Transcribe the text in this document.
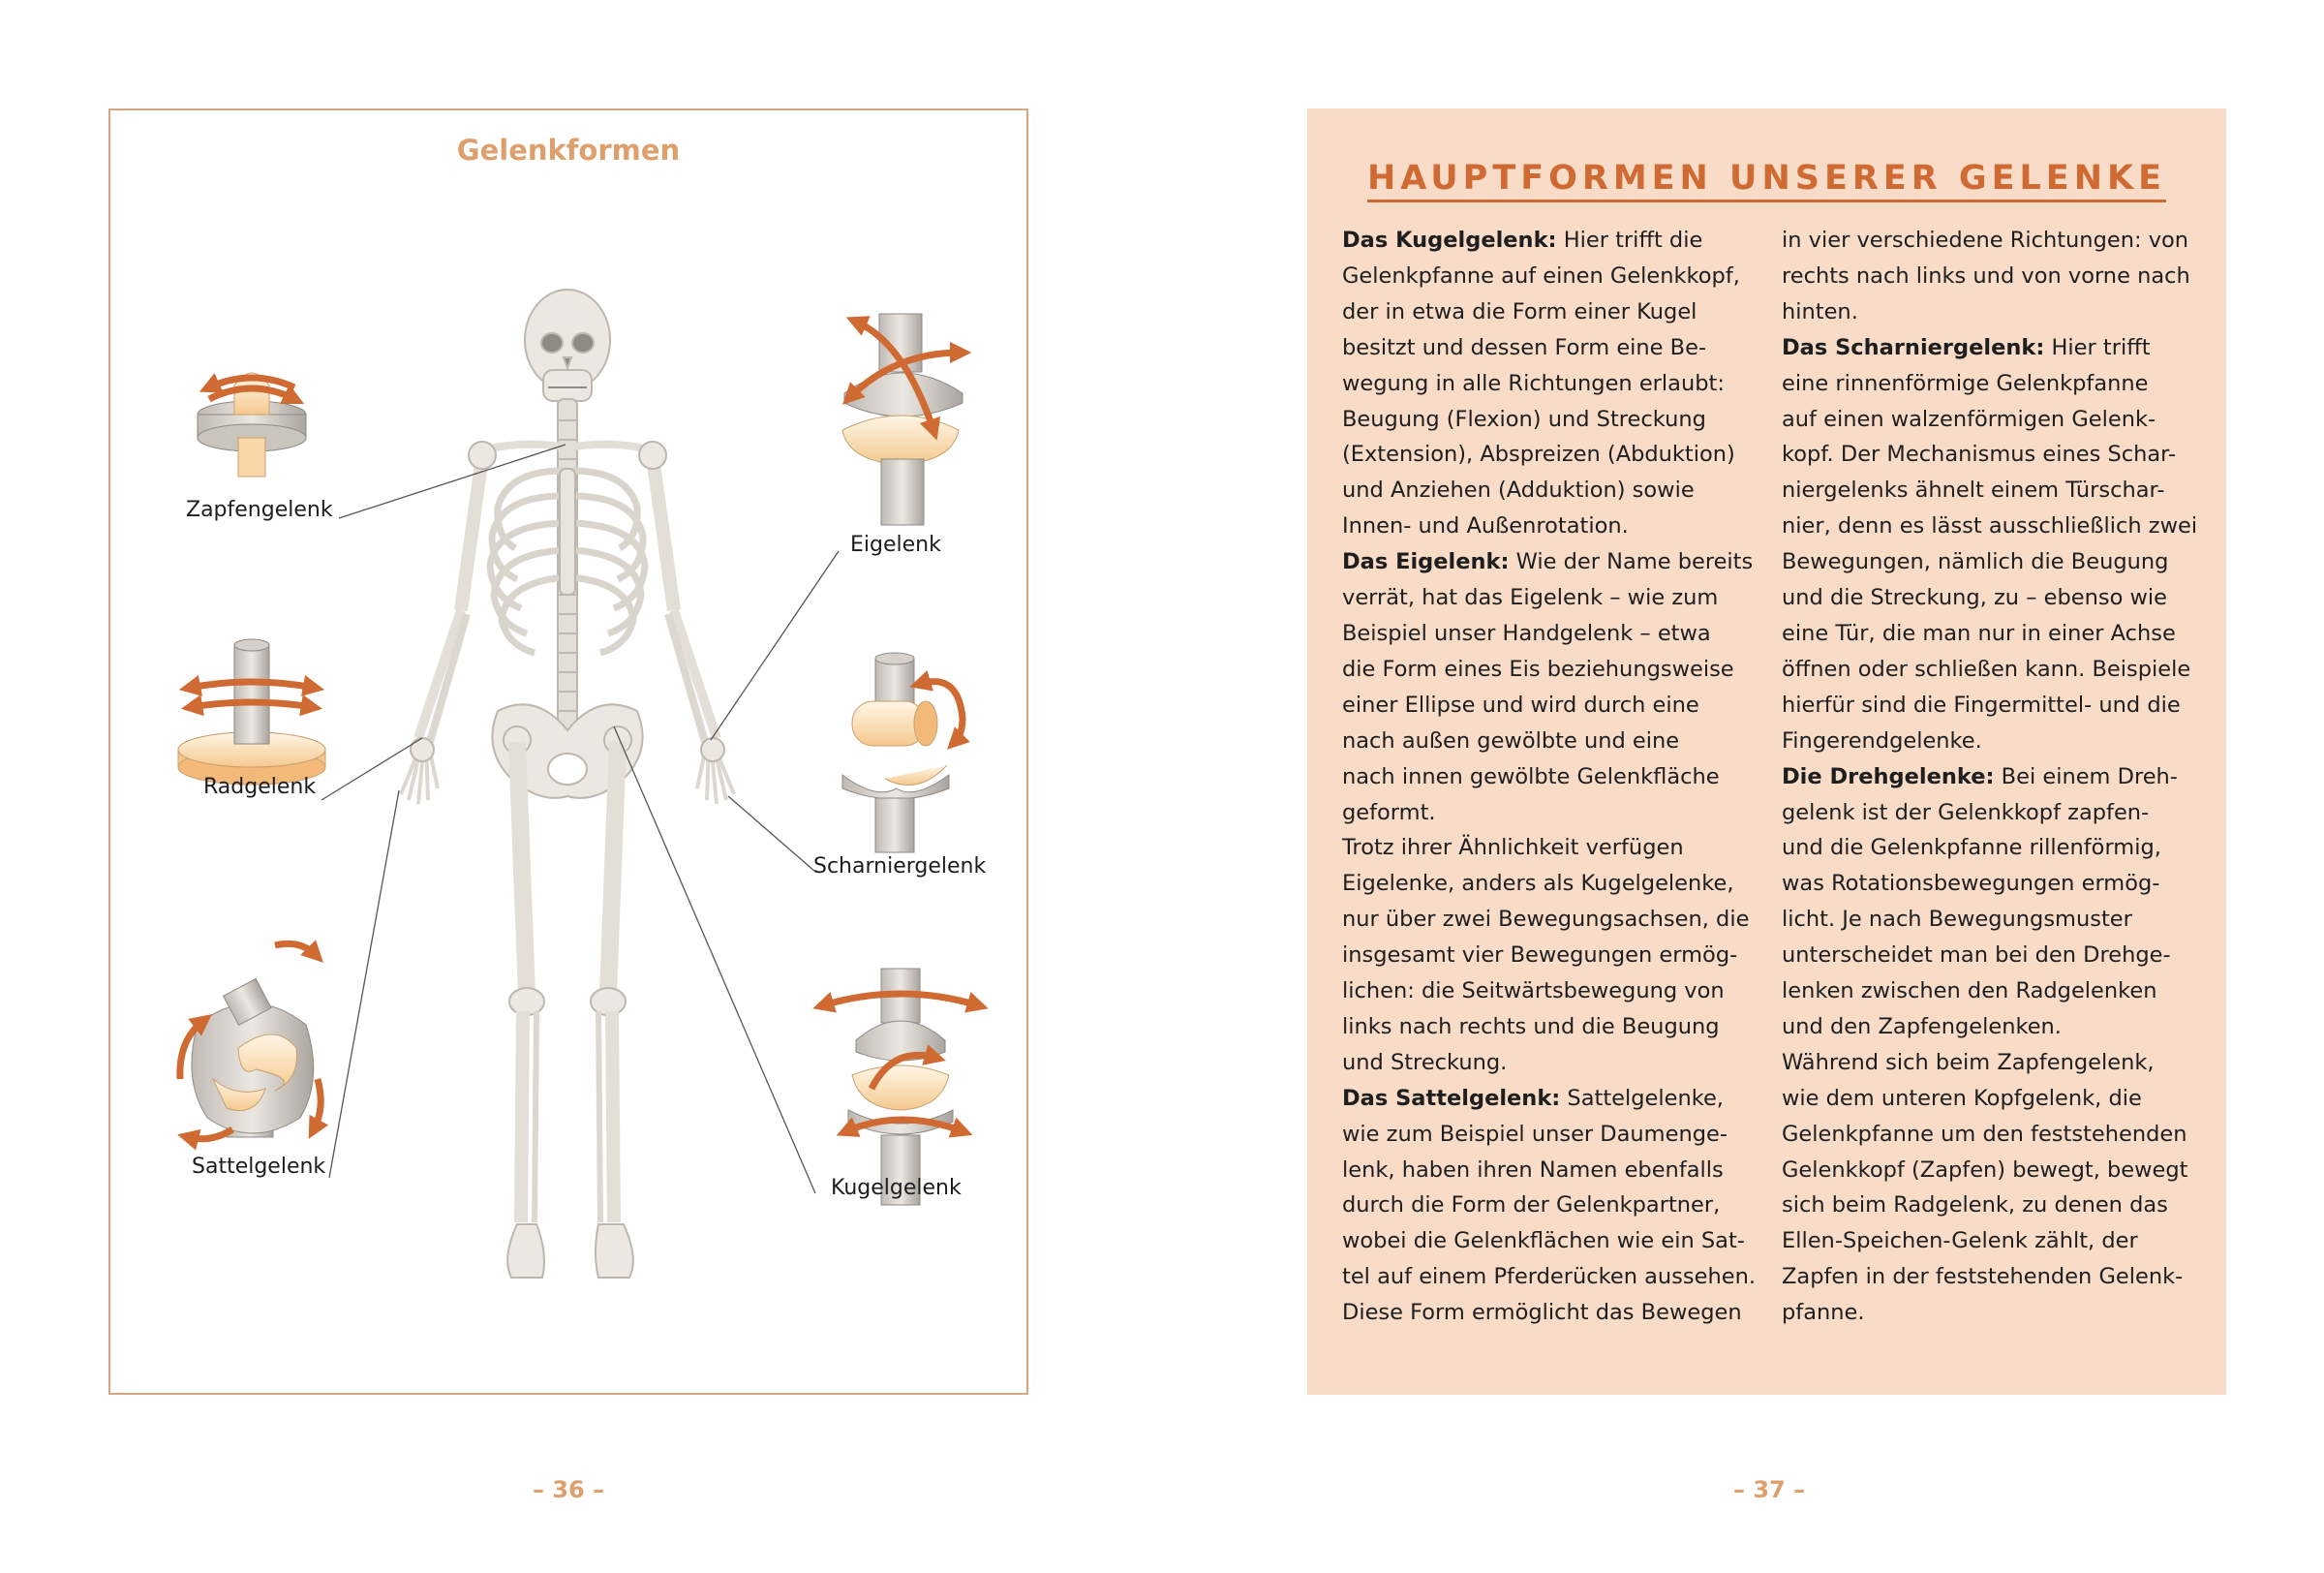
Gelenkformen
Zapfengelenk
Radgelenk
Sattelgelenk
Eigelenk
Scharniergelenk
Kugelgelenk
– 36 –
HAUPTFORMEN UNSERER GELENKE
Das Kugelgelenk: Hier trifft die
Gelenkpfanne auf einen Gelenkkopf,
der in etwa die Form einer Kugel
besitzt und dessen Form eine Be-
wegung in alle Richtungen erlaubt:
Beugung (Flexion) und Streckung
(Extension), Abspreizen (Abduktion)
und Anziehen (Adduktion) sowie
Innen- und Außenrotation.
Das Eigelenk: Wie der Name bereits
verrät, hat das Eigelenk – wie zum
Beispiel unser Handgelenk – etwa
die Form eines Eis beziehungsweise
einer Ellipse und wird durch eine
nach außen gewölbte und eine
nach innen gewölbte Gelenkfläche
geformt.
Trotz ihrer Ähnlichkeit verfügen
Eigelenke, anders als Kugelgelenke,
nur über zwei Bewegungsachsen, die
insgesamt vier Bewegungen ermög-
lichen: die Seitwärtsbewegung von
links nach rechts und die Beugung
und Streckung.
Das Sattelgelenk: Sattelgelenke,
wie zum Beispiel unser Daumenge-
lenk, haben ihren Namen ebenfalls
durch die Form der Gelenkpartner,
wobei die Gelenkflächen wie ein Sat-
tel auf einem Pferderücken aussehen.
Diese Form ermöglicht das Bewegen
in vier verschiedene Richtungen: von
rechts nach links und von vorne nach
hinten.
Das Scharniergelenk: Hier trifft
eine rinnenförmige Gelenkpfanne
auf einen walzenförmigen Gelenk-
kopf. Der Mechanismus eines Schar-
niergelenks ähnelt einem Türschar-
nier, denn es lässt ausschließlich zwei
Bewegungen, nämlich die Beugung
und die Streckung, zu – ebenso wie
eine Tür, die man nur in einer Achse
öffnen oder schließen kann. Beispiele
hierfür sind die Fingermittel- und die
Fingerendgelenke.
Die Drehgelenke: Bei einem Dreh-
gelenk ist der Gelenkkopf zapfen-
und die Gelenkpfanne rillenförmig,
was Rotationsbewegungen ermög-
licht. Je nach Bewegungsmuster
unterscheidet man bei den Drehge-
lenken zwischen den Radgelenken
und den Zapfengelenken.
Während sich beim Zapfengelenk,
wie dem unteren Kopfgelenk, die
Gelenkpfanne um den feststehenden
Gelenkkopf (Zapfen) bewegt, bewegt
sich beim Radgelenk, zu denen das
Ellen-Speichen-Gelenk zählt, der
Zapfen in der feststehenden Gelenk-
pfanne.
– 37 –
